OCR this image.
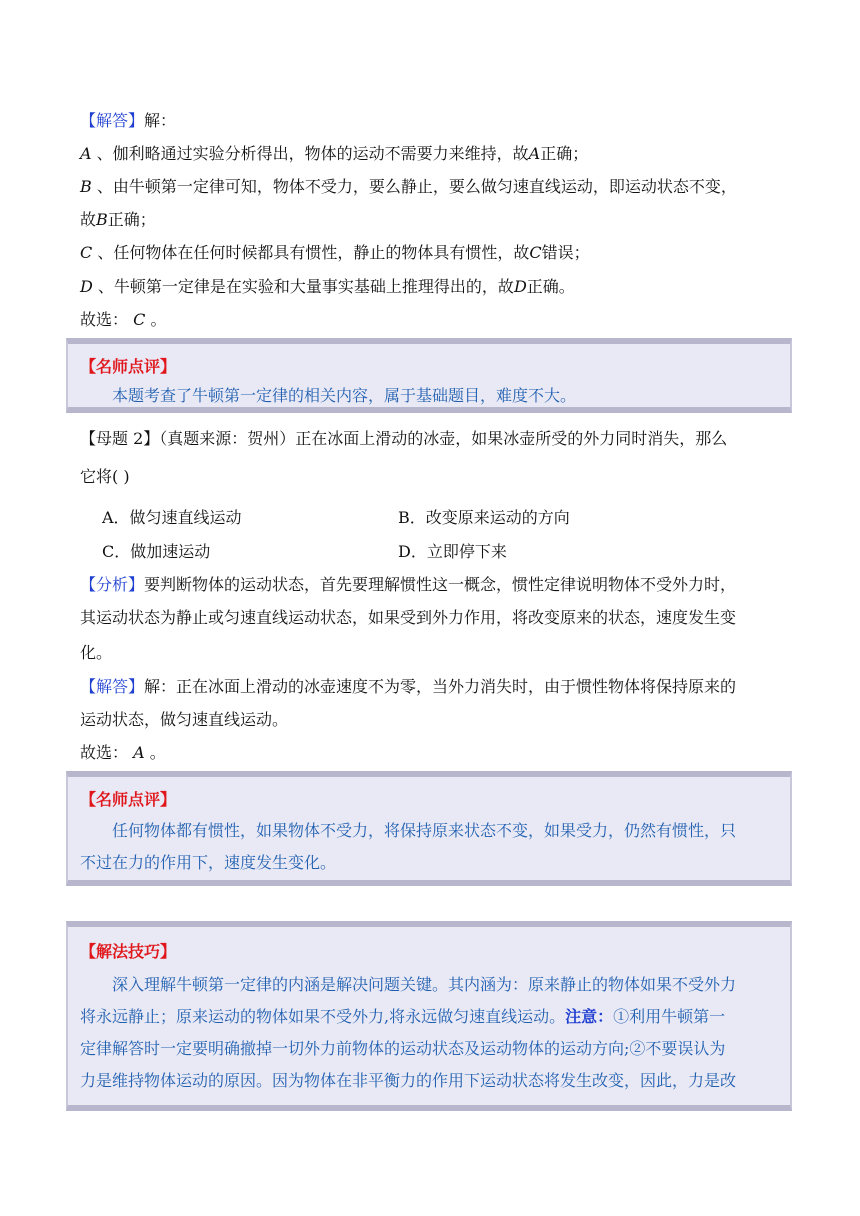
【解答】解：
A 、伽利略通过实验分析得出，物体的运动不需要力来维持，故A正确；
B 、由牛顿第一定律可知，物体不受力，要么静止，要么做匀速直线运动，即运动状态不变，
故B正确；
C 、任何物体在任何时候都具有惯性，静止的物体具有惯性，故C错误；
D 、牛顿第一定律是在实验和大量事实基础上推理得出的，故D正确。
故选： C 。
【名师点评】
本题考查了牛顿第一定律的相关内容，属于基础题目，难度不大。
【母题 2】（真题来源：贺州）正在冰面上滑动的冰壶，如果冰壶所受的外力同时消失，那么
它将( )
A．做匀速直线运动	B．改变原来运动的方向
C．做加速运动	D．立即停下来
【分析】要判断物体的运动状态，首先要理解惯性这一概念，惯性定律说明物体不受外力时，
其运动状态为静止或匀速直线运动状态，如果受到外力作用，将改变原来的状态，速度发生变
化。
【解答】解：正在冰面上滑动的冰壶速度不为零，当外力消失时，由于惯性物体将保持原来的
运动状态，做匀速直线运动。
故选： A 。
【名师点评】
任何物体都有惯性，如果物体不受力，将保持原来状态不变，如果受力，仍然有惯性，只
不过在力的作用下，速度发生变化。
【解法技巧】
深入理解牛顿第一定律的内涵是解决问题关键。其内涵为：原来静止的物体如果不受外力
将永远静止；原来运动的物体如果不受外力,将永远做匀速直线运动。注意：①利用牛顿第一
定律解答时一定要明确撤掉一切外力前物体的运动状态及运动物体的运动方向;②不要误认为
力是维持物体运动的原因。因为物体在非平衡力的作用下运动状态将发生改变，因此，力是改
